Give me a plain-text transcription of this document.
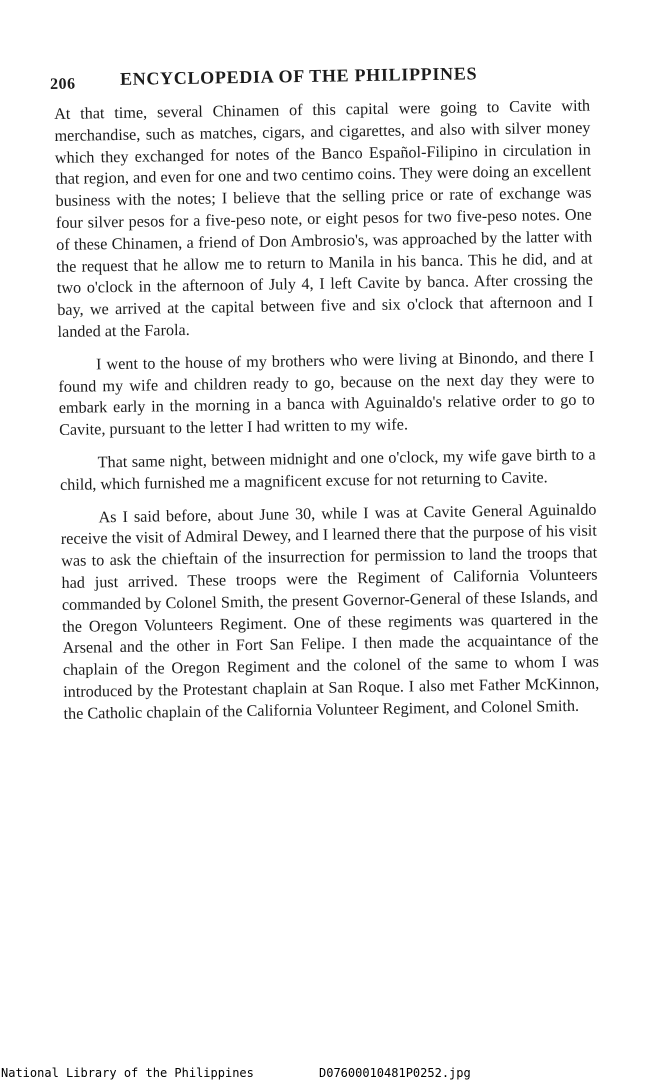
206 ENCYCLOPEDIA OF THE PHILIPPINES

At that time, several Chinamen of this capital were going to Cavite with merchandise, such as matches, cigars, and cigarettes, and also with silver money which they exchanged for notes of the Banco Español-Filipino in circulation in that region, and even for one and two centimo coins. They were doing an excellent business with the notes; I believe that the selling price or rate of exchange was four silver pesos for a five-peso note, or eight pesos for two five-peso notes. One of these Chinamen, a friend of Don Ambrosio's, was approached by the latter with the request that he allow me to return to Manila in his banca. This he did, and at two o'clock in the afternoon of July 4, I left Cavite by banca. After crossing the bay, we arrived at the capital between five and six o'clock that afternoon and I landed at the Farola.

I went to the house of my brothers who were living at Binondo, and there I found my wife and children ready to go, because on the next day they were to embark early in the morning in a banca with Aguinaldo's relative order to go to Cavite, pursuant to the letter I had written to my wife.

That same night, between midnight and one o'clock, my wife gave birth to a child, which furnished me a magnificent excuse for not returning to Cavite.

As I said before, about June 30, while I was at Cavite General Aguinaldo receive the visit of Admiral Dewey, and I learned there that the purpose of his visit was to ask the chieftain of the insurrection for permission to land the troops that had just arrived. These troops were the Regiment of California Volunteers commanded by Colonel Smith, the present Governor-General of these Islands, and the Oregon Volunteers Regiment. One of these regiments was quartered in the Arsenal and the other in Fort San Felipe. I then made the acquaintance of the chaplain of the Oregon Regiment and the colonel of the same to whom I was introduced by the Protestant chaplain at San Roque. I also met Father McKinnon, the Catholic chaplain of the California Volunteer Regiment, and Colonel Smith.

National Library of the Philippines	D07600010481P0252.jpg
